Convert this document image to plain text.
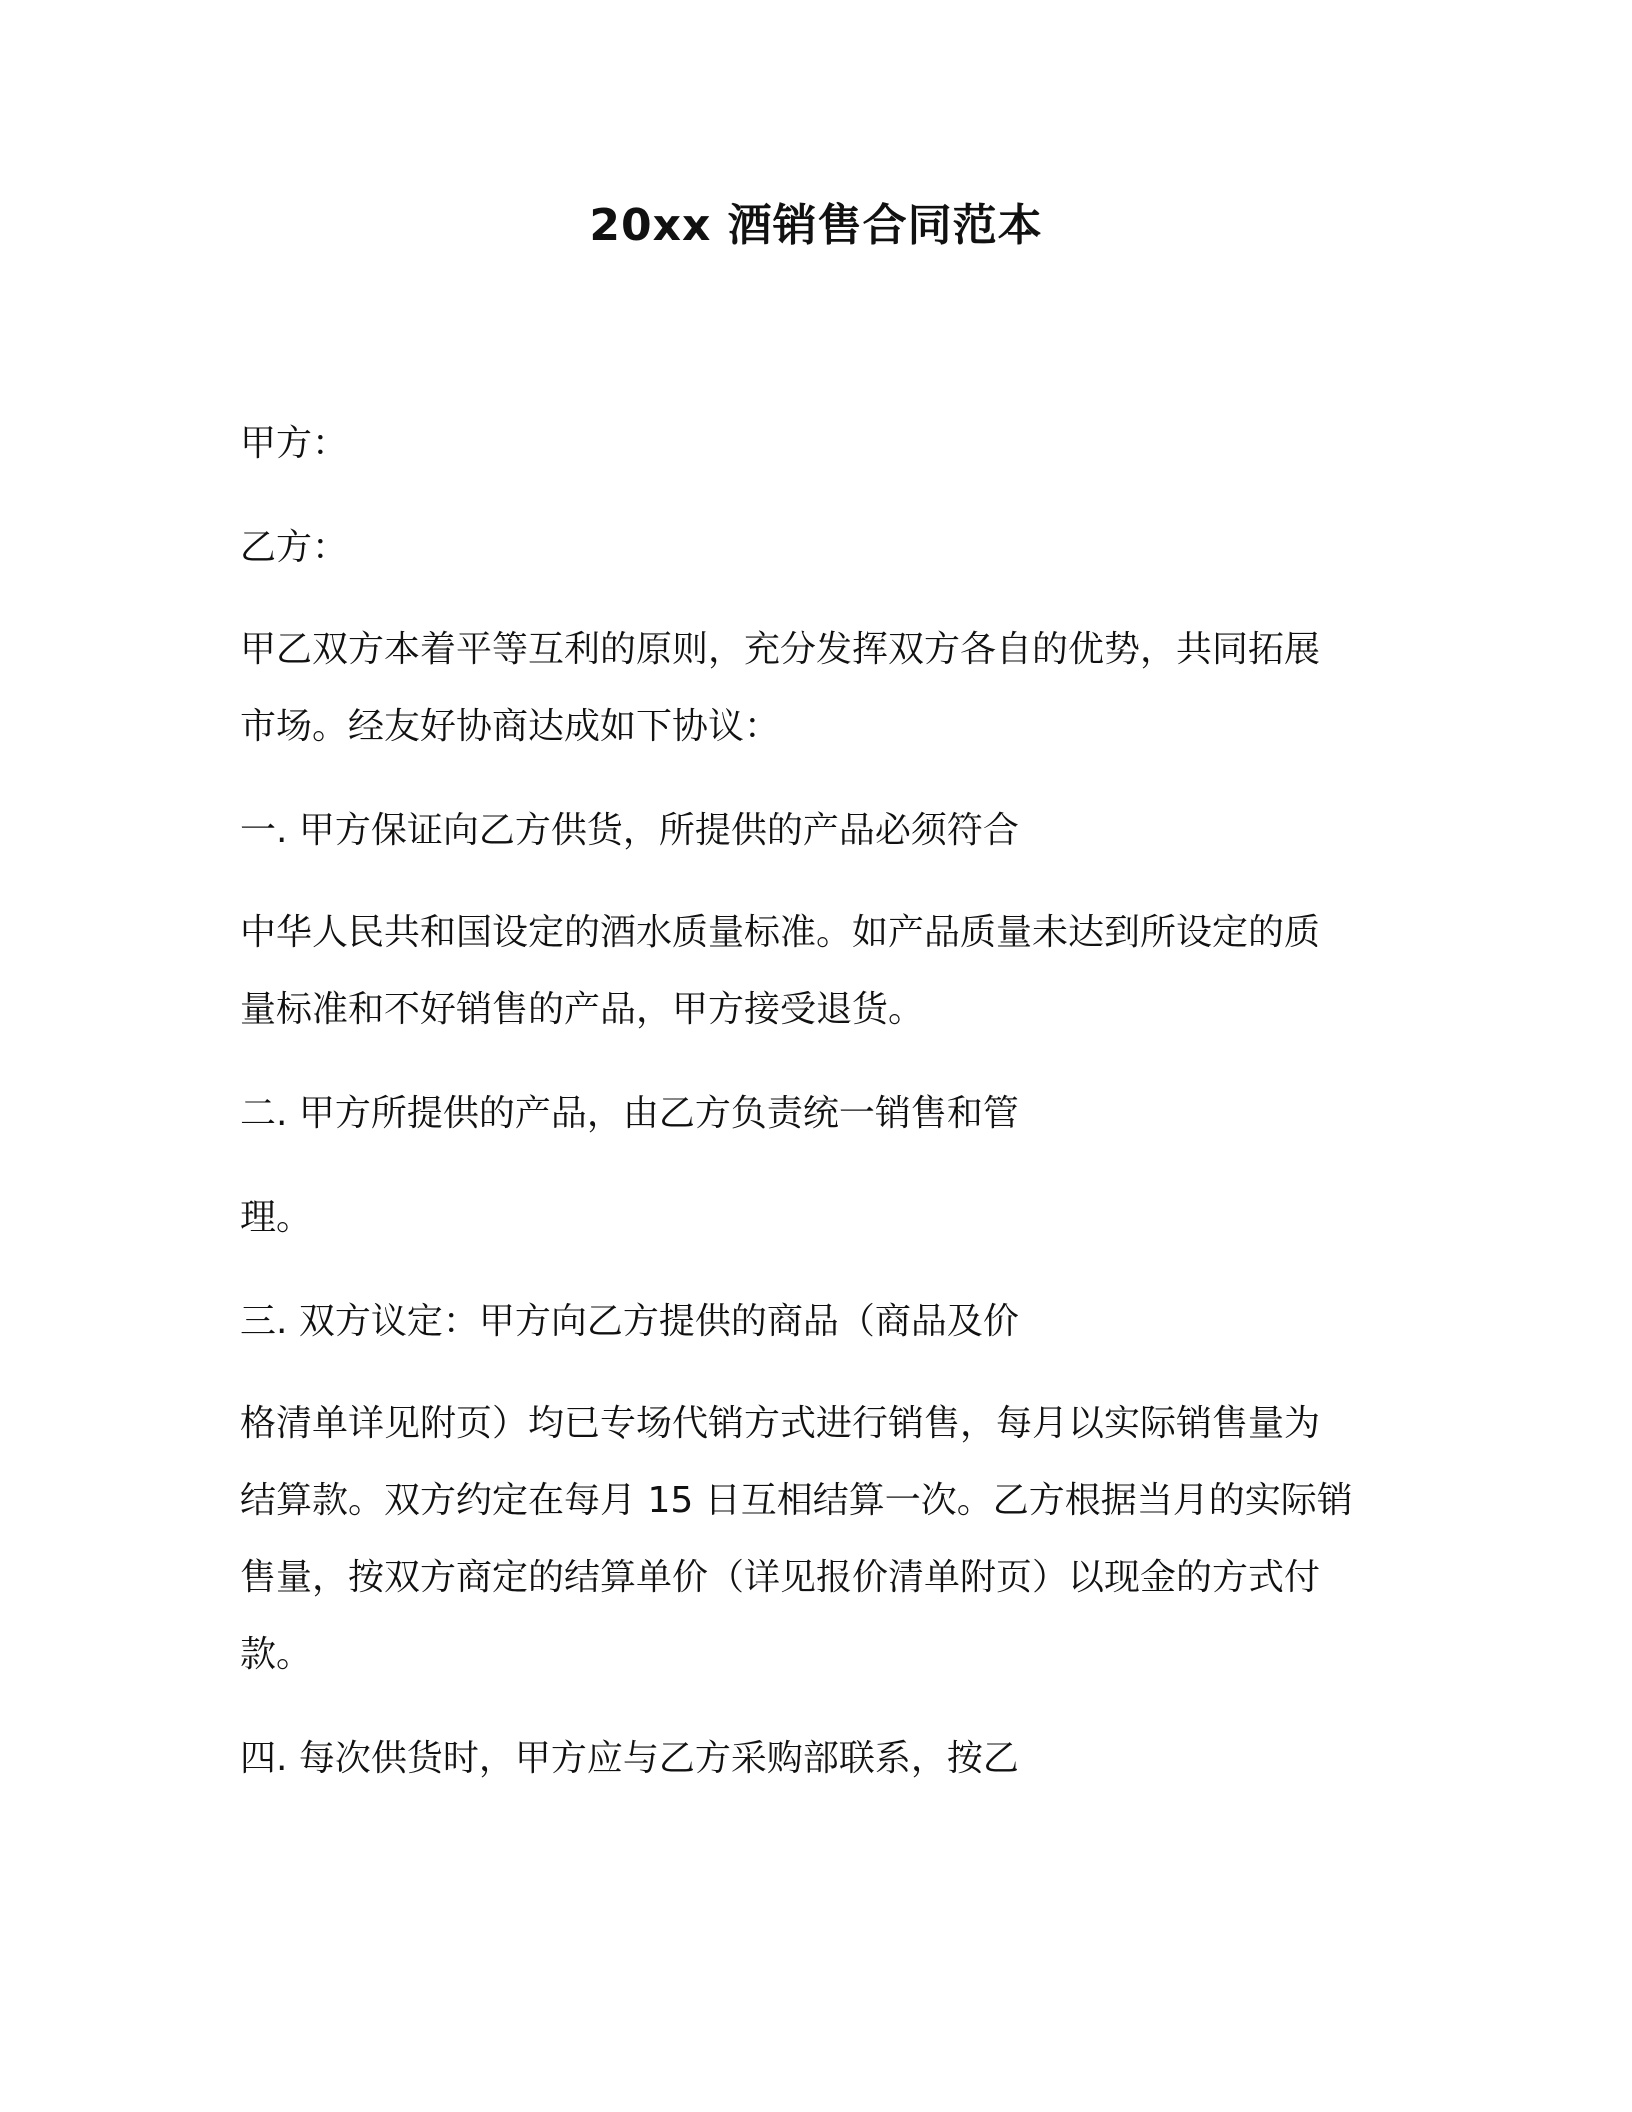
20xx 酒销售合同范本
甲方：
乙方：
甲乙双方本着平等互利的原则，充分发挥双方各自的优势，共同拓展
市场。经友好协商达成如下协议：
一. 甲方保证向乙方供货，所提供的产品必须符合
中华人民共和国设定的酒水质量标准。如产品质量未达到所设定的质
量标准和不好销售的产品，甲方接受退货。
二. 甲方所提供的产品，由乙方负责统一销售和管
理。
三. 双方议定：甲方向乙方提供的商品（商品及价
格清单详见附页）均已专场代销方式进行销售，每月以实际销售量为
结算款。双方约定在每月 15 日互相结算一次。乙方根据当月的实际销
售量，按双方商定的结算单价（详见报价清单附页）以现金的方式付
款。
四. 每次供货时，甲方应与乙方采购部联系，按乙
